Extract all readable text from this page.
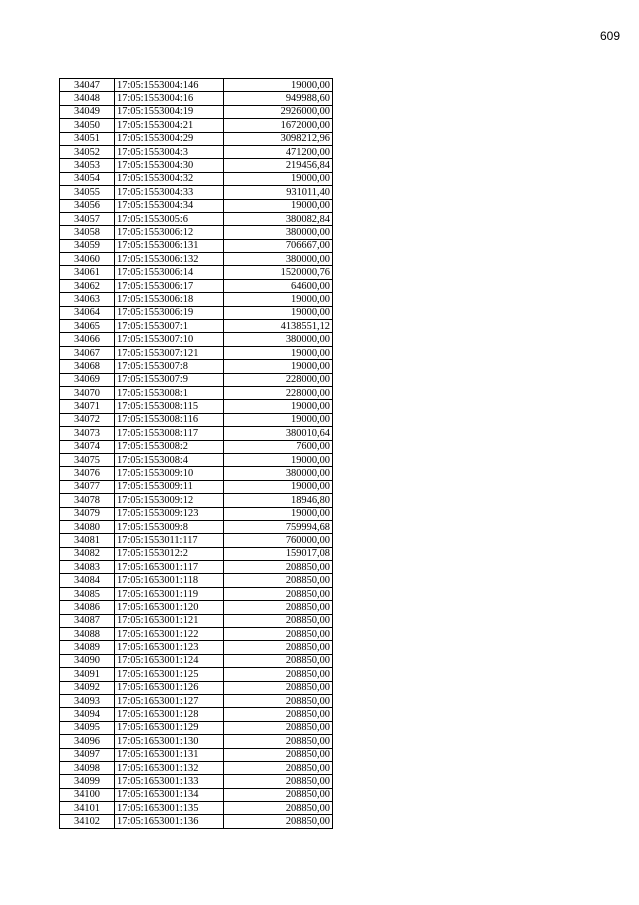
609
34047	17:05:1553004:146	19000,00
34048	17:05:1553004:16	949988,60
34049	17:05:1553004:19	2926000,00
34050	17:05:1553004:21	1672000,00
34051	17:05:1553004:29	3098212,96
34052	17:05:1553004:3	471200,00
34053	17:05:1553004:30	219456,84
34054	17:05:1553004:32	19000,00
34055	17:05:1553004:33	931011,40
34056	17:05:1553004:34	19000,00
34057	17:05:1553005:6	380082,84
34058	17:05:1553006:12	380000,00
34059	17:05:1553006:131	706667,00
34060	17:05:1553006:132	380000,00
34061	17:05:1553006:14	1520000,76
34062	17:05:1553006:17	64600,00
34063	17:05:1553006:18	19000,00
34064	17:05:1553006:19	19000,00
34065	17:05:1553007:1	4138551,12
34066	17:05:1553007:10	380000,00
34067	17:05:1553007:121	19000,00
34068	17:05:1553007:8	19000,00
34069	17:05:1553007:9	228000,00
34070	17:05:1553008:1	228000,00
34071	17:05:1553008:115	19000,00
34072	17:05:1553008:116	19000,00
34073	17:05:1553008:117	380010,64
34074	17:05:1553008:2	7600,00
34075	17:05:1553008:4	19000,00
34076	17:05:1553009:10	380000,00
34077	17:05:1553009:11	19000,00
34078	17:05:1553009:12	18946,80
34079	17:05:1553009:123	19000,00
34080	17:05:1553009:8	759994,68
34081	17:05:1553011:117	760000,00
34082	17:05:1553012:2	159017,08
34083	17:05:1653001:117	208850,00
34084	17:05:1653001:118	208850,00
34085	17:05:1653001:119	208850,00
34086	17:05:1653001:120	208850,00
34087	17:05:1653001:121	208850,00
34088	17:05:1653001:122	208850,00
34089	17:05:1653001:123	208850,00
34090	17:05:1653001:124	208850,00
34091	17:05:1653001:125	208850,00
34092	17:05:1653001:126	208850,00
34093	17:05:1653001:127	208850,00
34094	17:05:1653001:128	208850,00
34095	17:05:1653001:129	208850,00
34096	17:05:1653001:130	208850,00
34097	17:05:1653001:131	208850,00
34098	17:05:1653001:132	208850,00
34099	17:05:1653001:133	208850,00
34100	17:05:1653001:134	208850,00
34101	17:05:1653001:135	208850,00
34102	17:05:1653001:136	208850,00
